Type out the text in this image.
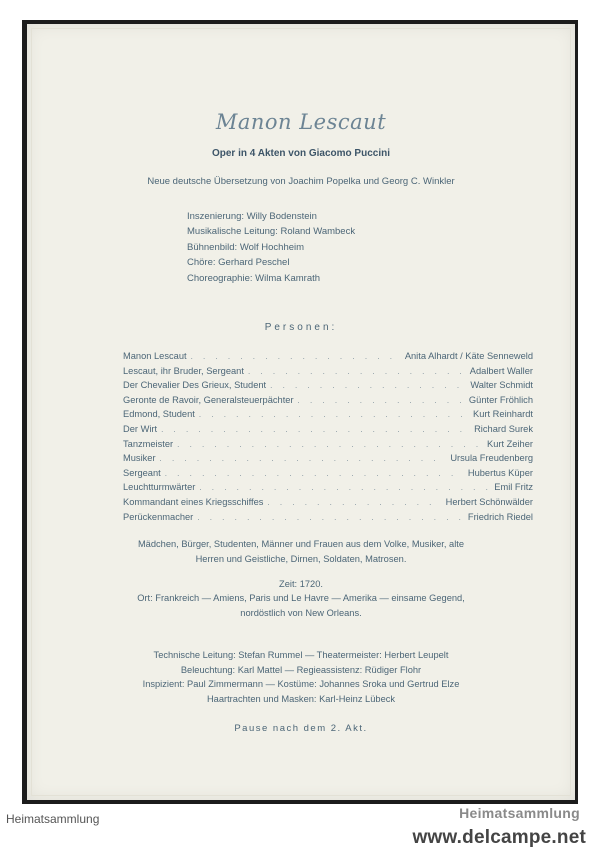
Manon Lescaut
Oper in 4 Akten von Giacomo Puccini
Neue deutsche Übersetzung von Joachim Popelka und Georg C. Winkler
Inszenierung: Willy Bodenstein
Musikalische Leitung: Roland Wambeck
Bühnenbild: Wolf Hochheim
Chöre: Gerhard Peschel
Choreographie: Wilma Kamrath
Personen:
Manon Lescaut . . .	Anita Alhardt / Käte Senneweld
Lescaut, ihr Bruder, Sergeant . . .	Adalbert Waller
Der Chevalier Des Grieux, Student . . .	Walter Schmidt
Geronte de Ravoir, Generalsteuerpächter . . .	Günter Fröhlich
Edmond, Student . . .	Kurt Reinhardt
Der Wirt . . .	Richard Surek
Tanzmeister . . .	Kurt Zeiher
Musiker . . .	Ursula Freudenberg
Sergeant . . .	Hubertus Küper
Leuchtturmwärter . . .	Emil Fritz
Kommandant eines Kriegsschiffes . . .	Herbert Schönwälder
Perückenmacher . . .	Friedrich Riedel
Mädchen, Bürger, Studenten, Männer und Frauen aus dem Volke, Musiker, alte
Herren und Geistliche, Dirnen, Soldaten, Matrosen.
Zeit: 1720.
Ort: Frankreich — Amiens, Paris und Le Havre — Amerika — einsame Gegend,
nordöstlich von New Orleans.
Technische Leitung: Stefan Rummel — Theatermeister: Herbert Leupelt
Beleuchtung: Karl Mattel — Regieassistenz: Rüdiger Flohr
Inspizient: Paul Zimmermann — Kostüme: Johannes Sroka und Gertrud Elze
Haartrachten und Masken: Karl-Heinz Lübeck
Pause nach dem 2. Akt.
Heimatsammlung	Heimatsammlung
www.delcampe.net
